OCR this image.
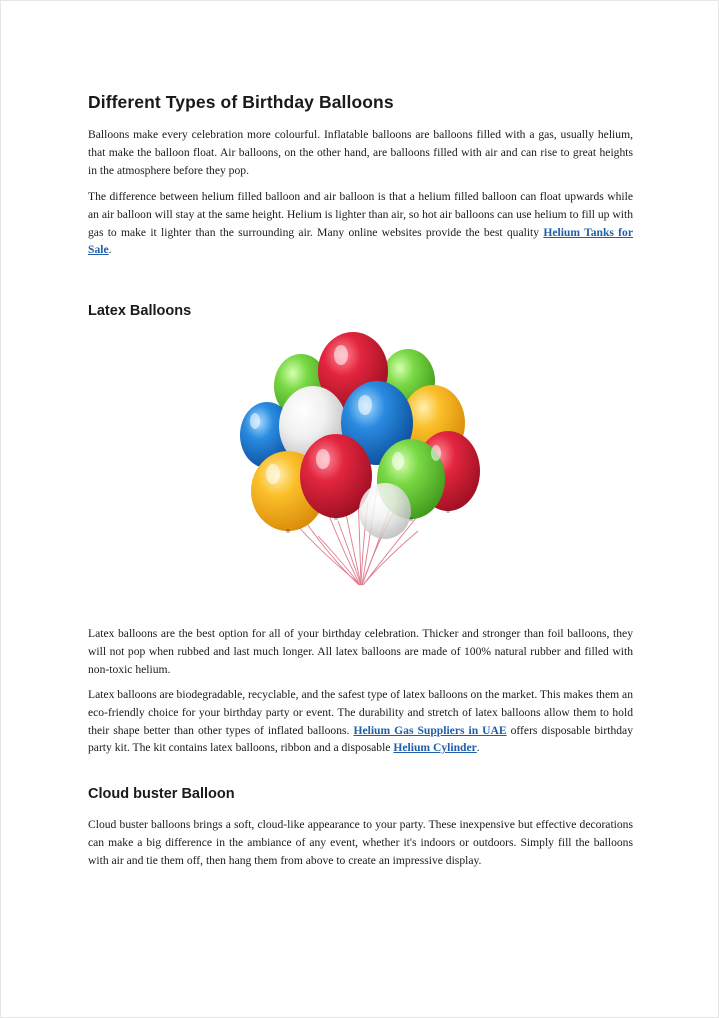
Different Types of Birthday Balloons

Balloons make every celebration more colourful. Inflatable balloons are balloons filled with a gas, usually helium, that make the balloon float. Air balloons, on the other hand, are balloons filled with air and can rise to great heights in the atmosphere before they pop.

The difference between helium filled balloon and air balloon is that a helium filled balloon can float upwards while an air balloon will stay at the same height. Helium is lighter than air, so hot air balloons can use helium to fill up with gas to make it lighter than the surrounding air. Many online websites provide the best quality Helium Tanks for Sale.

Latex Balloons

Latex balloons are the best option for all of your birthday celebration. Thicker and stronger than foil balloons, they will not pop when rubbed and last much longer. All latex balloons are made of 100% natural rubber and filled with non-toxic helium.

Latex balloons are biodegradable, recyclable, and the safest type of latex balloons on the market. This makes them an eco-friendly choice for your birthday party or event. The durability and stretch of latex balloons allow them to hold their shape better than other types of inflated balloons. Helium Gas Suppliers in UAE offers disposable birthday party kit. The kit contains latex balloons, ribbon and a disposable Helium Cylinder.

Cloud buster Balloon

Cloud buster balloons brings a soft, cloud-like appearance to your party. These inexpensive but effective decorations can make a big difference in the ambiance of any event, whether it's indoors or outdoors. Simply fill the balloons with air and tie them off, then hang them from above to create an impressive display.
